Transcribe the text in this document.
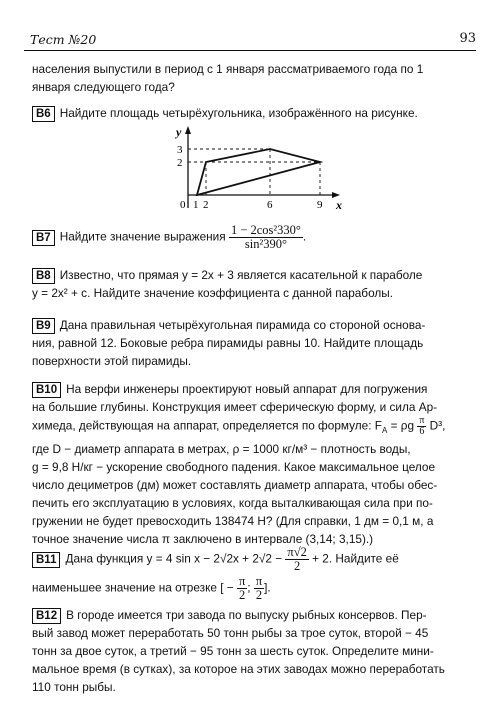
Тест №20	93
населения выпустили в период с 1 января рассматриваемого года по 1
января следующего года?
B6 Найдите площадь четырёхугольника, изображённого на рисунке.
y
x
3
2
0 1 2	6	9
B7 Найдите значение выражения $\frac{\text{1 − 2cos²330°}}{\text{sin²390°}}$ .
B8 Известно, что прямая y = 2x + 3 является касательной к параболе
y = 2x² + c. Найдите значение коэффициента c данной параболы.
B9 Дана правильная четырёхугольная пирамида со стороной основа-
ния, равной 12. Боковые ребра пирамиды равны 10. Найдите площадь
поверхности этой пирамиды.
B10 На верфи инженеры проектируют новый аппарат для погружения
на большие глубины. Конструкция имеет сферическую форму, и сила Ар-
химеда, действующая на аппарат, определяется по формуле: $F_A = \rho g \frac{\pi}{6} D^3$,
где D − диаметр аппарата в метрах, ρ = 1000 кг/м³ − плотность воды,
g = 9,8 Н/кг − ускорение свободного падения. Какое максимальное целое
число дециметров (дм) может составлять диаметр аппарата, чтобы обес-
печить его эксплуатацию в условиях, когда выталкивающая сила при по-
гружении не будет превосходить 138474 Н? (Для справки, 1 дм = 0,1 м, а
точное значение числа π заключено в интервале (3,14; 3,15).)
B11 Дана функция y = 4 $\sin x - 2√2x + 2√2 - \frac{\pi√2}{2} + 2$. Найдите её
наименьшее значение на отрезке [ − $\frac{\pi}{2}$ ; $\frac{\pi}{2}$ ].
B12 В городе имеется три завода по выпуску рыбных консервов. Пер-
вый завод может переработать 50 тонн рыбы за трое суток, второй − 45
тонн за двое суток, а третий − 95 тонн за шесть суток. Определите мини-
мальное время (в сутках), за которое на этих заводах можно переработать
110 тонн рыбы.
